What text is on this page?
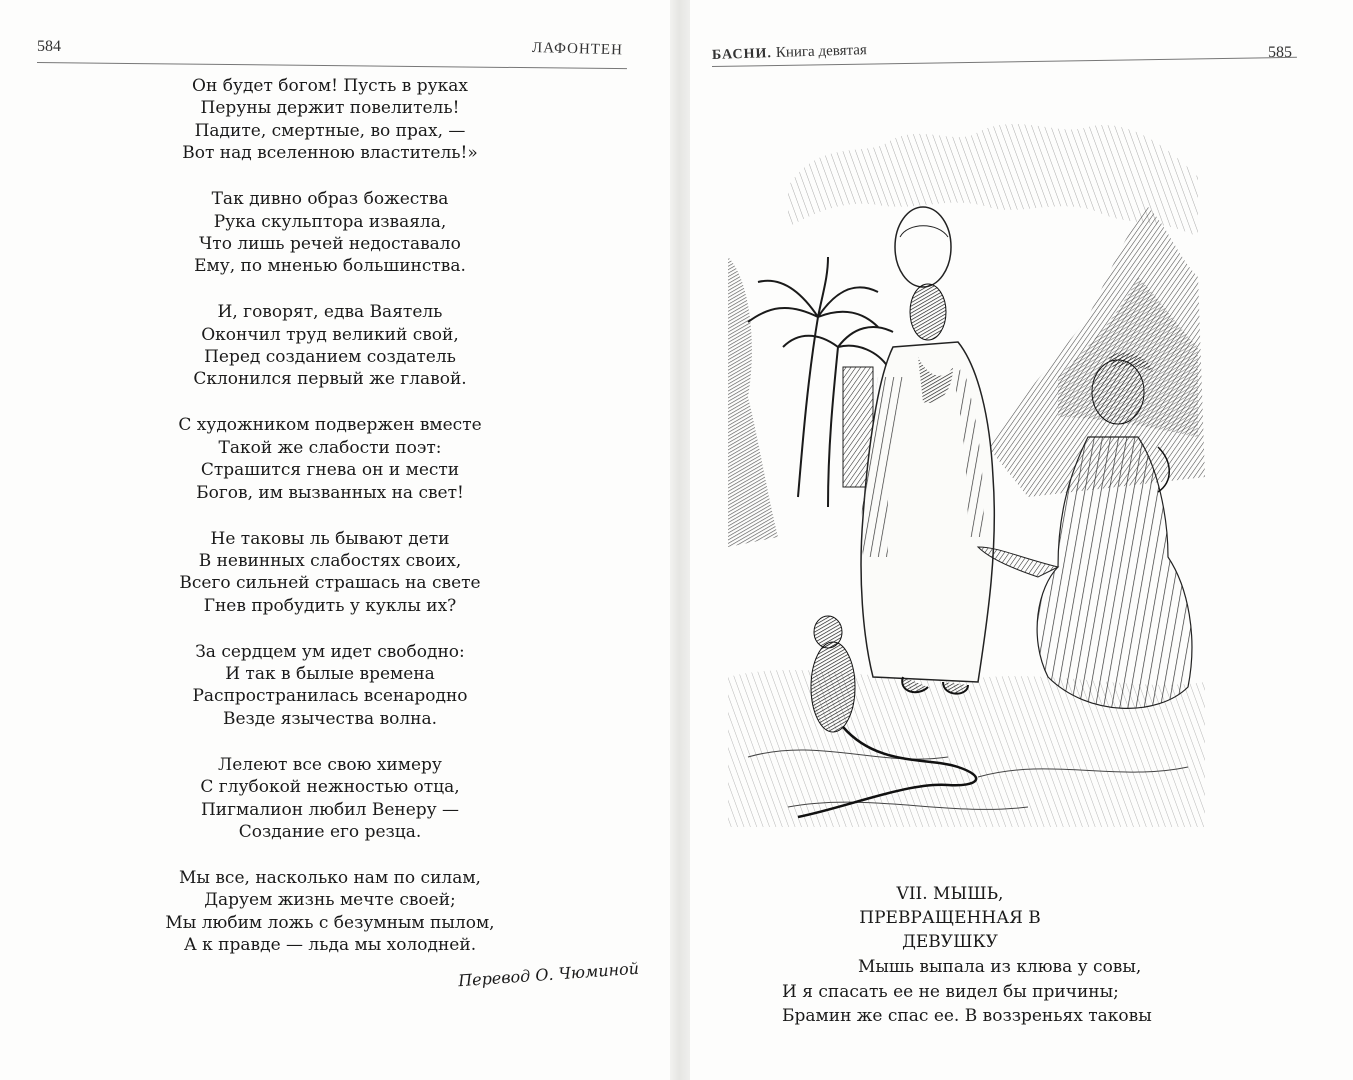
584	ЛАФОНТЕН
Он будет богом! Пусть в руках
Перуны держит повелитель!
Падите, смертные, во прах, —
Вот над вселенною властитель!»
Так дивно образ божества
Рука скульптора изваяла,
Что лишь речей недоставало
Ему, по мненью большинства.
И, говорят, едва Ваятель
Окончил труд великий свой,
Перед созданием создатель
Склонился первый же главой.
С художником подвержен вместе
Такой же слабости поэт:
Страшится гнева он и мести
Богов, им вызванных на свет!
Не таковы ль бывают дети
В невинных слабостях своих,
Всего сильней страшась на свете
Гнев пробудить у куклы их?
За сердцем ум идет свободно:
И так в былые времена
Распространилась всенародно
Везде язычества волна.
Лелеют все свою химеру
С глубокой нежностью отца,
Пигмалион любил Венеру —
Создание его резца.
Мы все, насколько нам по силам,
Даруем жизнь мечте своей;
Мы любим ложь с безумным пылом,
А к правде — льда мы холодней.
Перевод О. Чюминой
585
БАСНИ. Книга девятая
VII. МЫШЬ,
ПРЕВРАЩЕННАЯ В ДЕВУШКУ
Мышь выпала из клюва у совы,
И я спасать ее не видел бы причины;
Брамин же спас ее. В воззреньях таковы
